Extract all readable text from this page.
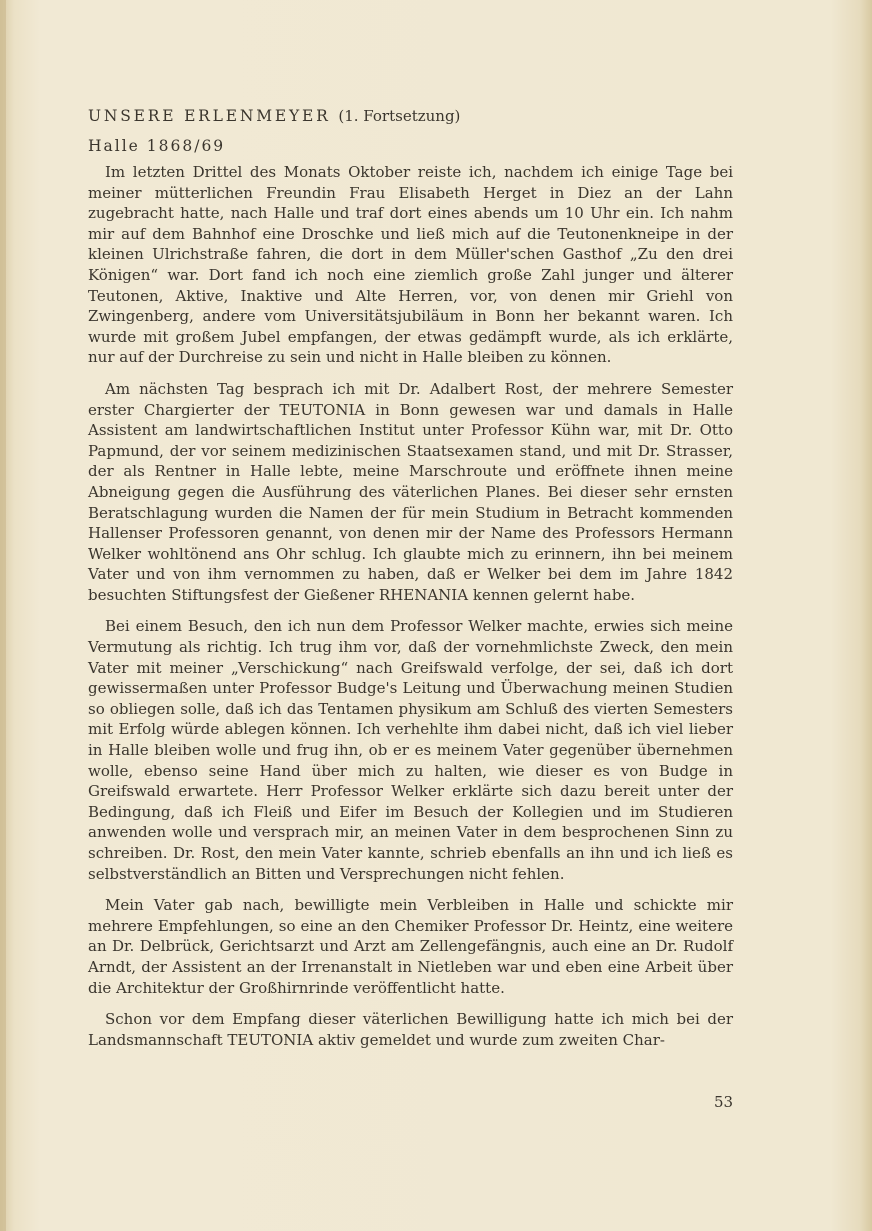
UNSERE ERLENMEYER (1. Fortsetzung)
Halle 1868/69

Im letzten Drittel des Monats Oktober reiste ich, nachdem ich einige Tage bei meiner mütterlichen Freundin Frau Elisabeth Herget in Diez an der Lahn zugebracht hatte, nach Halle und traf dort eines abends um 10 Uhr ein. Ich nahm mir auf dem Bahnhof eine Droschke und ließ mich auf die Teutonenkneipe in der kleinen Ulrichstraße fahren, die dort in dem Müller'schen Gasthof „Zu den drei Königen“ war. Dort fand ich noch eine ziemlich große Zahl junger und älterer Teutonen, Aktive, Inaktive und Alte Herren, vor, von denen mir Griehl von Zwingenberg, andere vom Universitätsjubiläum in Bonn her bekannt waren. Ich wurde mit großem Jubel empfangen, der etwas gedämpft wurde, als ich erklärte, nur auf der Durchreise zu sein und nicht in Halle bleiben zu können.

Am nächsten Tag besprach ich mit Dr. Adalbert Rost, der mehrere Semester erster Chargierter der TEUTONIA in Bonn gewesen war und damals in Halle Assistent am landwirtschaftlichen Institut unter Professor Kühn war, mit Dr. Otto Papmund, der vor seinem medizinischen Staatsexamen stand, und mit Dr. Strasser, der als Rentner in Halle lebte, meine Marschroute und eröffnete ihnen meine Abneigung gegen die Ausführung des väterlichen Planes. Bei dieser sehr ernsten Beratschlagung wurden die Namen der für mein Studium in Betracht kommenden Hallenser Professoren genannt, von denen mir der Name des Professors Hermann Welker wohltönend ans Ohr schlug. Ich glaubte mich zu erinnern, ihn bei meinem Vater und von ihm vernommen zu haben, daß er Welker bei dem im Jahre 1842 besuchten Stiftungsfest der Gießener RHENANIA kennen gelernt habe.

Bei einem Besuch, den ich nun dem Professor Welker machte, erwies sich meine Vermutung als richtig. Ich trug ihm vor, daß der vornehmlichste Zweck, den mein Vater mit meiner „Verschickung“ nach Greifswald verfolge, der sei, daß ich dort gewissermaßen unter Professor Budge's Leitung und Überwachung meinen Studien so obliegen solle, daß ich das Tentamen physikum am Schluß des vierten Semesters mit Erfolg würde ablegen können. Ich verhehlte ihm dabei nicht, daß ich viel lieber in Halle bleiben wolle und frug ihn, ob er es meinem Vater gegenüber übernehmen wolle, ebenso seine Hand über mich zu halten, wie dieser es von Budge in Greifswald erwartete. Herr Professor Welker erklärte sich dazu bereit unter der Bedingung, daß ich Fleiß und Eifer im Besuch der Kollegien und im Studieren anwenden wolle und versprach mir, an meinen Vater in dem besprochenen Sinn zu schreiben. Dr. Rost, den mein Vater kannte, schrieb ebenfalls an ihn und ich ließ es selbstverständlich an Bitten und Versprechungen nicht fehlen.

Mein Vater gab nach, bewilligte mein Verbleiben in Halle und schickte mir mehrere Empfehlungen, so eine an den Chemiker Professor Dr. Heintz, eine weitere an Dr. Delbrück, Gerichtsarzt und Arzt am Zellengefängnis, auch eine an Dr. Rudolf Arndt, der Assistent an der Irrenanstalt in Nietleben war und eben eine Arbeit über die Architektur der Großhirnrinde veröffentlicht hatte.

Schon vor dem Empfang dieser väterlichen Bewilligung hatte ich mich bei der Landsmannschaft TEUTONIA aktiv gemeldet und wurde zum zweiten Char-

53
